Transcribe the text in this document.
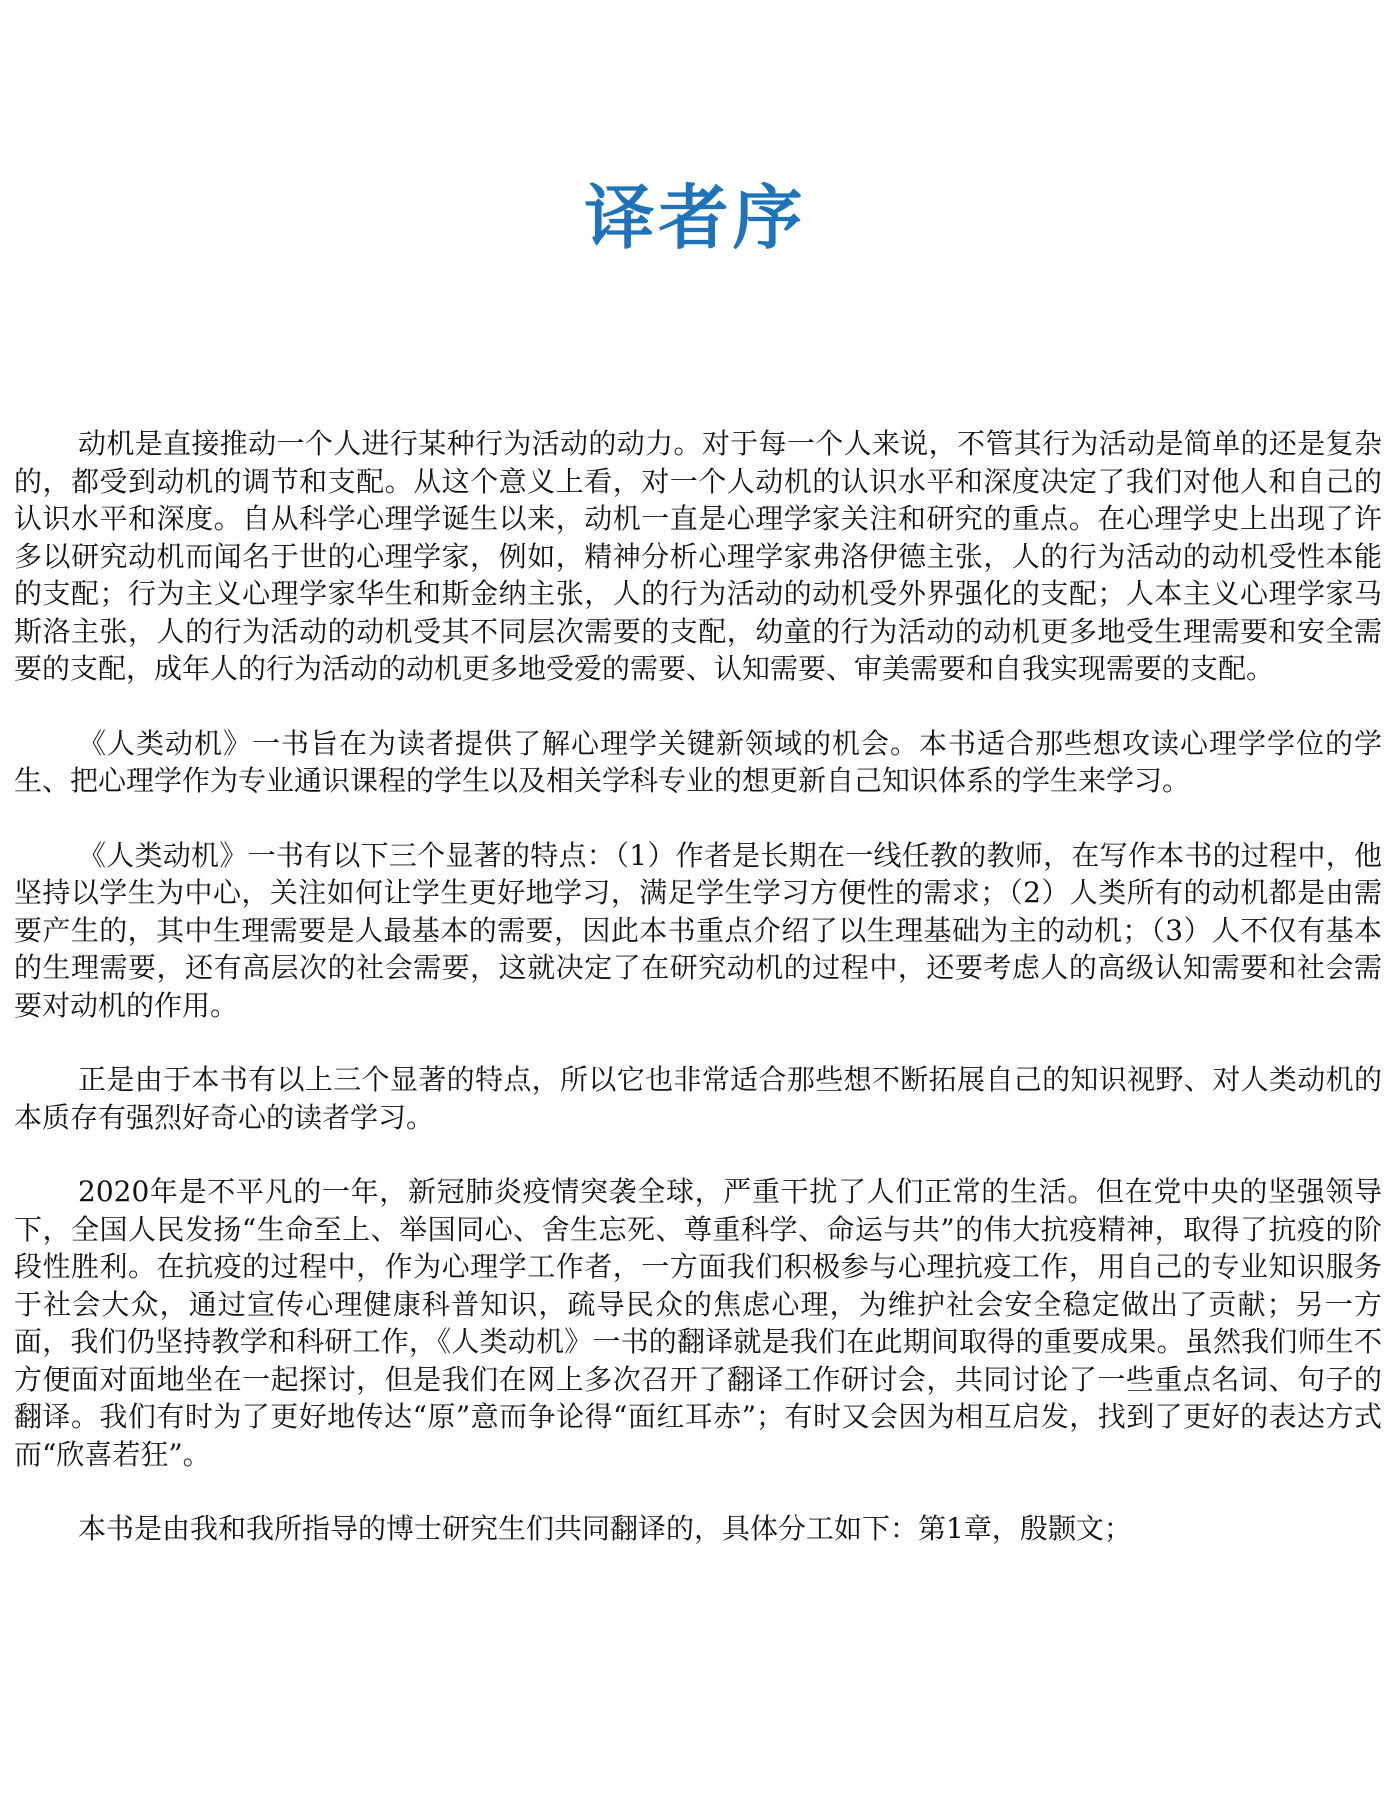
译者序

动机是直接推动一个人进行某种行为活动的动力。对于每一个人来说，不管其行为活动是简单的还是复杂的，都受到动机的调节和支配。从这个意义上看，对一个人动机的认识水平和深度决定了我们对他人和自己的认识水平和深度。自从科学心理学诞生以来，动机一直是心理学家关注和研究的重点。在心理学史上出现了许多以研究动机而闻名于世的心理学家，例如，精神分析心理学家弗洛伊德主张，人的行为活动的动机受性本能的支配；行为主义心理学家华生和斯金纳主张，人的行为活动的动机受外界强化的支配；人本主义心理学家马斯洛主张，人的行为活动的动机受其不同层次需要的支配，幼童的行为活动的动机更多地受生理需要和安全需要的支配，成年人的行为活动的动机更多地受爱的需要、认知需要、审美需要和自我实现需要的支配。

《人类动机》一书旨在为读者提供了解心理学关键新领域的机会。本书适合那些想攻读心理学学位的学生、把心理学作为专业通识课程的学生以及相关学科专业的想更新自己知识体系的学生来学习。

《人类动机》一书有以下三个显著的特点：（1）作者是长期在一线任教的教师，在写作本书的过程中，他坚持以学生为中心，关注如何让学生更好地学习，满足学生学习方便性的需求；（2）人类所有的动机都是由需要产生的，其中生理需要是人最基本的需要，因此本书重点介绍了以生理基础为主的动机；（3）人不仅有基本的生理需要，还有高层次的社会需要，这就决定了在研究动机的过程中，还要考虑人的高级认知需要和社会需要对动机的作用。

正是由于本书有以上三个显著的特点，所以它也非常适合那些想不断拓展自己的知识视野、对人类动机的本质存有强烈好奇心的读者学习。

2020年是不平凡的一年，新冠肺炎疫情突袭全球，严重干扰了人们正常的生活。但在党中央的坚强领导下，全国人民发扬“生命至上、举国同心、舍生忘死、尊重科学、命运与共”的伟大抗疫精神，取得了抗疫的阶段性胜利。在抗疫的过程中，作为心理学工作者，一方面我们积极参与心理抗疫工作，用自己的专业知识服务于社会大众，通过宣传心理健康科普知识，疏导民众的焦虑心理，为维护社会安全稳定做出了贡献；另一方面，我们仍坚持教学和科研工作，《人类动机》一书的翻译就是我们在此期间取得的重要成果。虽然我们师生不方便面对面地坐在一起探讨，但是我们在网上多次召开了翻译工作研讨会，共同讨论了一些重点名词、句子的翻译。我们有时为了更好地传达“原”意而争论得“面红耳赤”；有时又会因为相互启发，找到了更好的表达方式而“欣喜若狂”。

本书是由我和我所指导的博士研究生们共同翻译的，具体分工如下：第1章，殷颢文；
